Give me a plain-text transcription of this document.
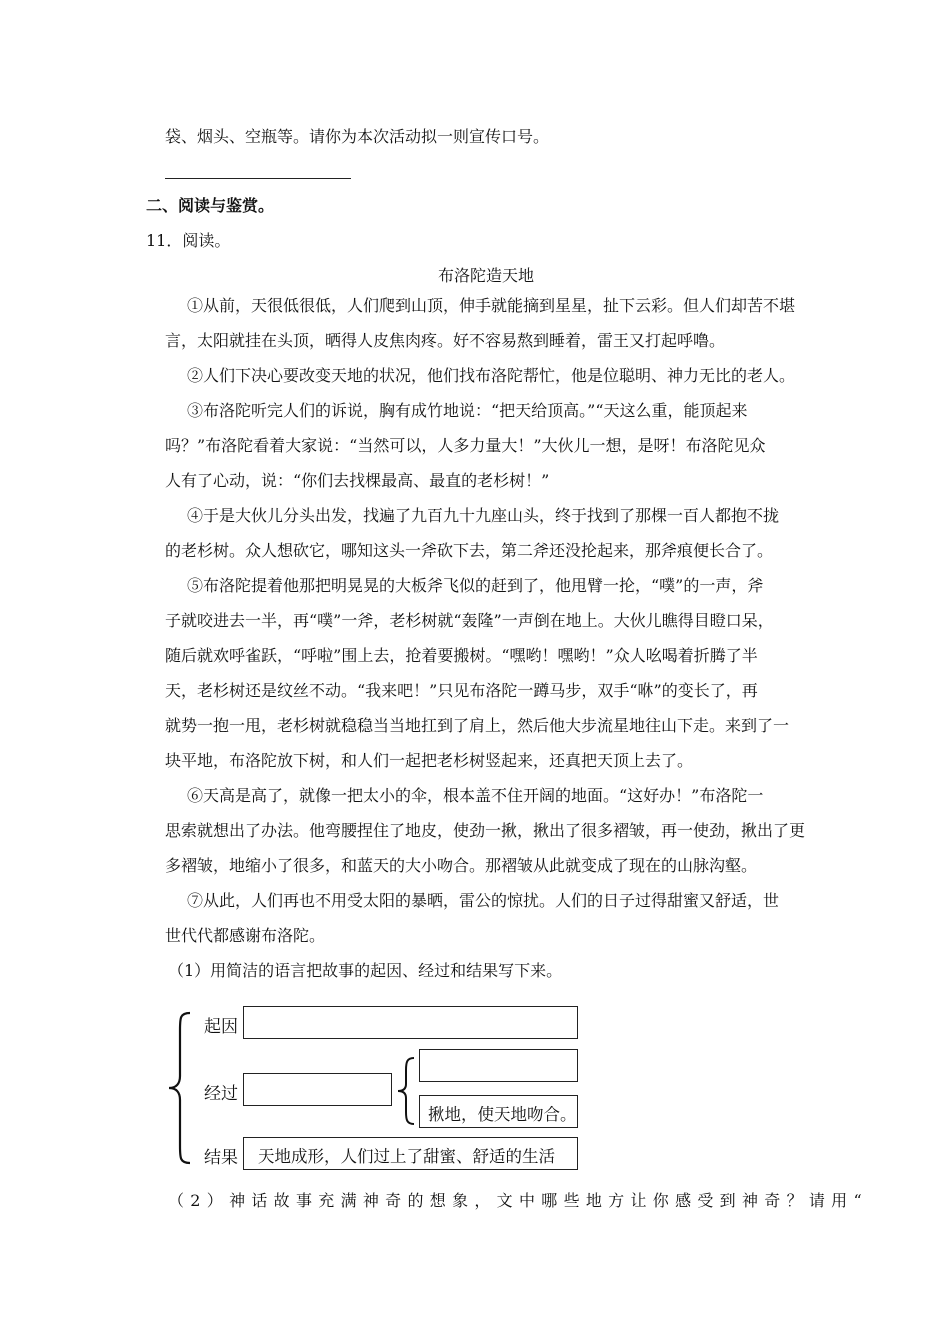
袋、烟头、空瓶等。请你为本次活动拟一则宣传口号。
二、阅读与鉴赏。
11．阅读。
布洛陀造天地
①从前，天很低很低，人们爬到山顶，伸手就能摘到星星，扯下云彩。但人们却苦不堪
言，太阳就挂在头顶，晒得人皮焦肉疼。好不容易熬到睡着，雷王又打起呼噜。
②人们下决心要改变天地的状况，他们找布洛陀帮忙，他是位聪明、神力无比的老人。
③布洛陀听完人们的诉说，胸有成竹地说：“把天给顶高。”“天这么重，能顶起来
吗？”布洛陀看着大家说：“当然可以，人多力量大！”大伙儿一想，是呀！布洛陀见众
人有了心动，说：“你们去找棵最高、最直的老杉树！”
④于是大伙儿分头出发，找遍了九百九十九座山头，终于找到了那棵一百人都抱不拢
的老杉树。众人想砍它，哪知这头一斧砍下去，第二斧还没抡起来，那斧痕便长合了。
⑤布洛陀提着他那把明晃晃的大板斧飞似的赶到了，他甩臂一抡，“噗”的一声，斧
子就咬进去一半，再“噗”一斧，老杉树就“轰隆”一声倒在地上。大伙儿瞧得目瞪口呆，
随后就欢呼雀跃，“呼啦”围上去，抢着要搬树。“嘿哟！嘿哟！”众人吆喝着折腾了半
天，老杉树还是纹丝不动。“我来吧！”只见布洛陀一蹲马步，双手“咻”的变长了，再
就势一抱一甩，老杉树就稳稳当当地扛到了肩上，然后他大步流星地往山下走。来到了一
块平地，布洛陀放下树，和人们一起把老杉树竖起来，还真把天顶上去了。
⑥天高是高了，就像一把太小的伞，根本盖不住开阔的地面。“这好办！”布洛陀一
思索就想出了办法。他弯腰捏住了地皮，使劲一揪，揪出了很多褶皱，再一使劲，揪出了更
多褶皱，地缩小了很多，和蓝天的大小吻合。那褶皱从此就变成了现在的山脉沟壑。
⑦从此，人们再也不用受太阳的暴晒，雷公的惊扰。人们的日子过得甜蜜又舒适，世
世代代都感谢布洛陀。
（1）用简洁的语言把故事的起因、经过和结果写下来。
起因
经过
揪地，使天地吻合。
结果 天地成形，人们过上了甜蜜、舒适的生活
（2）神话故事充满神奇的想象，文中哪些地方让你感受到神奇？请用“
